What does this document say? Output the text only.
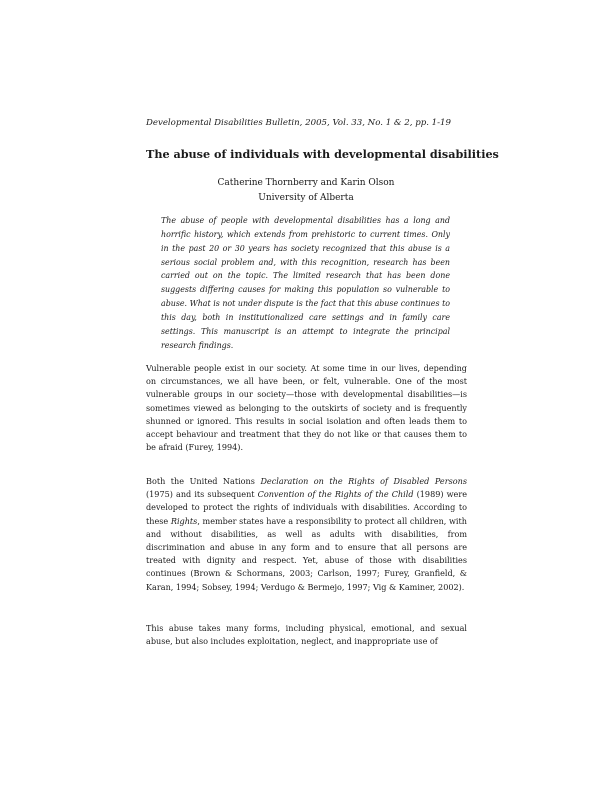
Developmental Disabilities Bulletin, 2005, Vol. 33, No. 1 & 2, pp. 1-19
The abuse of individuals with developmental disabilities
Catherine Thornberry and Karin Olson
University of Alberta

The abuse of people with developmental disabilities has a long and horrific history, which extends from prehistoric to current times. Only in the past 20 or 30 years has society recognized that this abuse is a serious social problem and, with this recognition, research has been carried out on the topic. The limited research that has been done suggests differing causes for making this population so vulnerable to abuse. What is not under dispute is the fact that this abuse continues to this day, both in institutionalized care settings and in family care settings. This manuscript is an attempt to integrate the principal research findings.

Vulnerable people exist in our society. At some time in our lives, depending on circumstances, we all have been, or felt, vulnerable. One of the most vulnerable groups in our society—those with developmental disabilities—is sometimes viewed as belonging to the outskirts of society and is frequently shunned or ignored. This results in social isolation and often leads them to accept behaviour and treatment that they do not like or that causes them to be afraid (Furey, 1994).

Both the United Nations Declaration on the Rights of Disabled Persons (1975) and its subsequent Convention of the Rights of the Child (1989) were developed to protect the rights of individuals with disabilities. According to these Rights, member states have a responsibility to protect all children, with and without disabilities, as well as adults with disabilities, from discrimination and abuse in any form and to ensure that all persons are treated with dignity and respect. Yet, abuse of those with disabilities continues (Brown & Schormans, 2003; Carlson, 1997; Furey, Granfield, & Karan, 1994; Sobsey, 1994; Verdugo & Bermejo, 1997; Vig & Kaminer, 2002).

This abuse takes many forms, including physical, emotional, and sexual abuse, but also includes exploitation, neglect, and inappropriate use of
